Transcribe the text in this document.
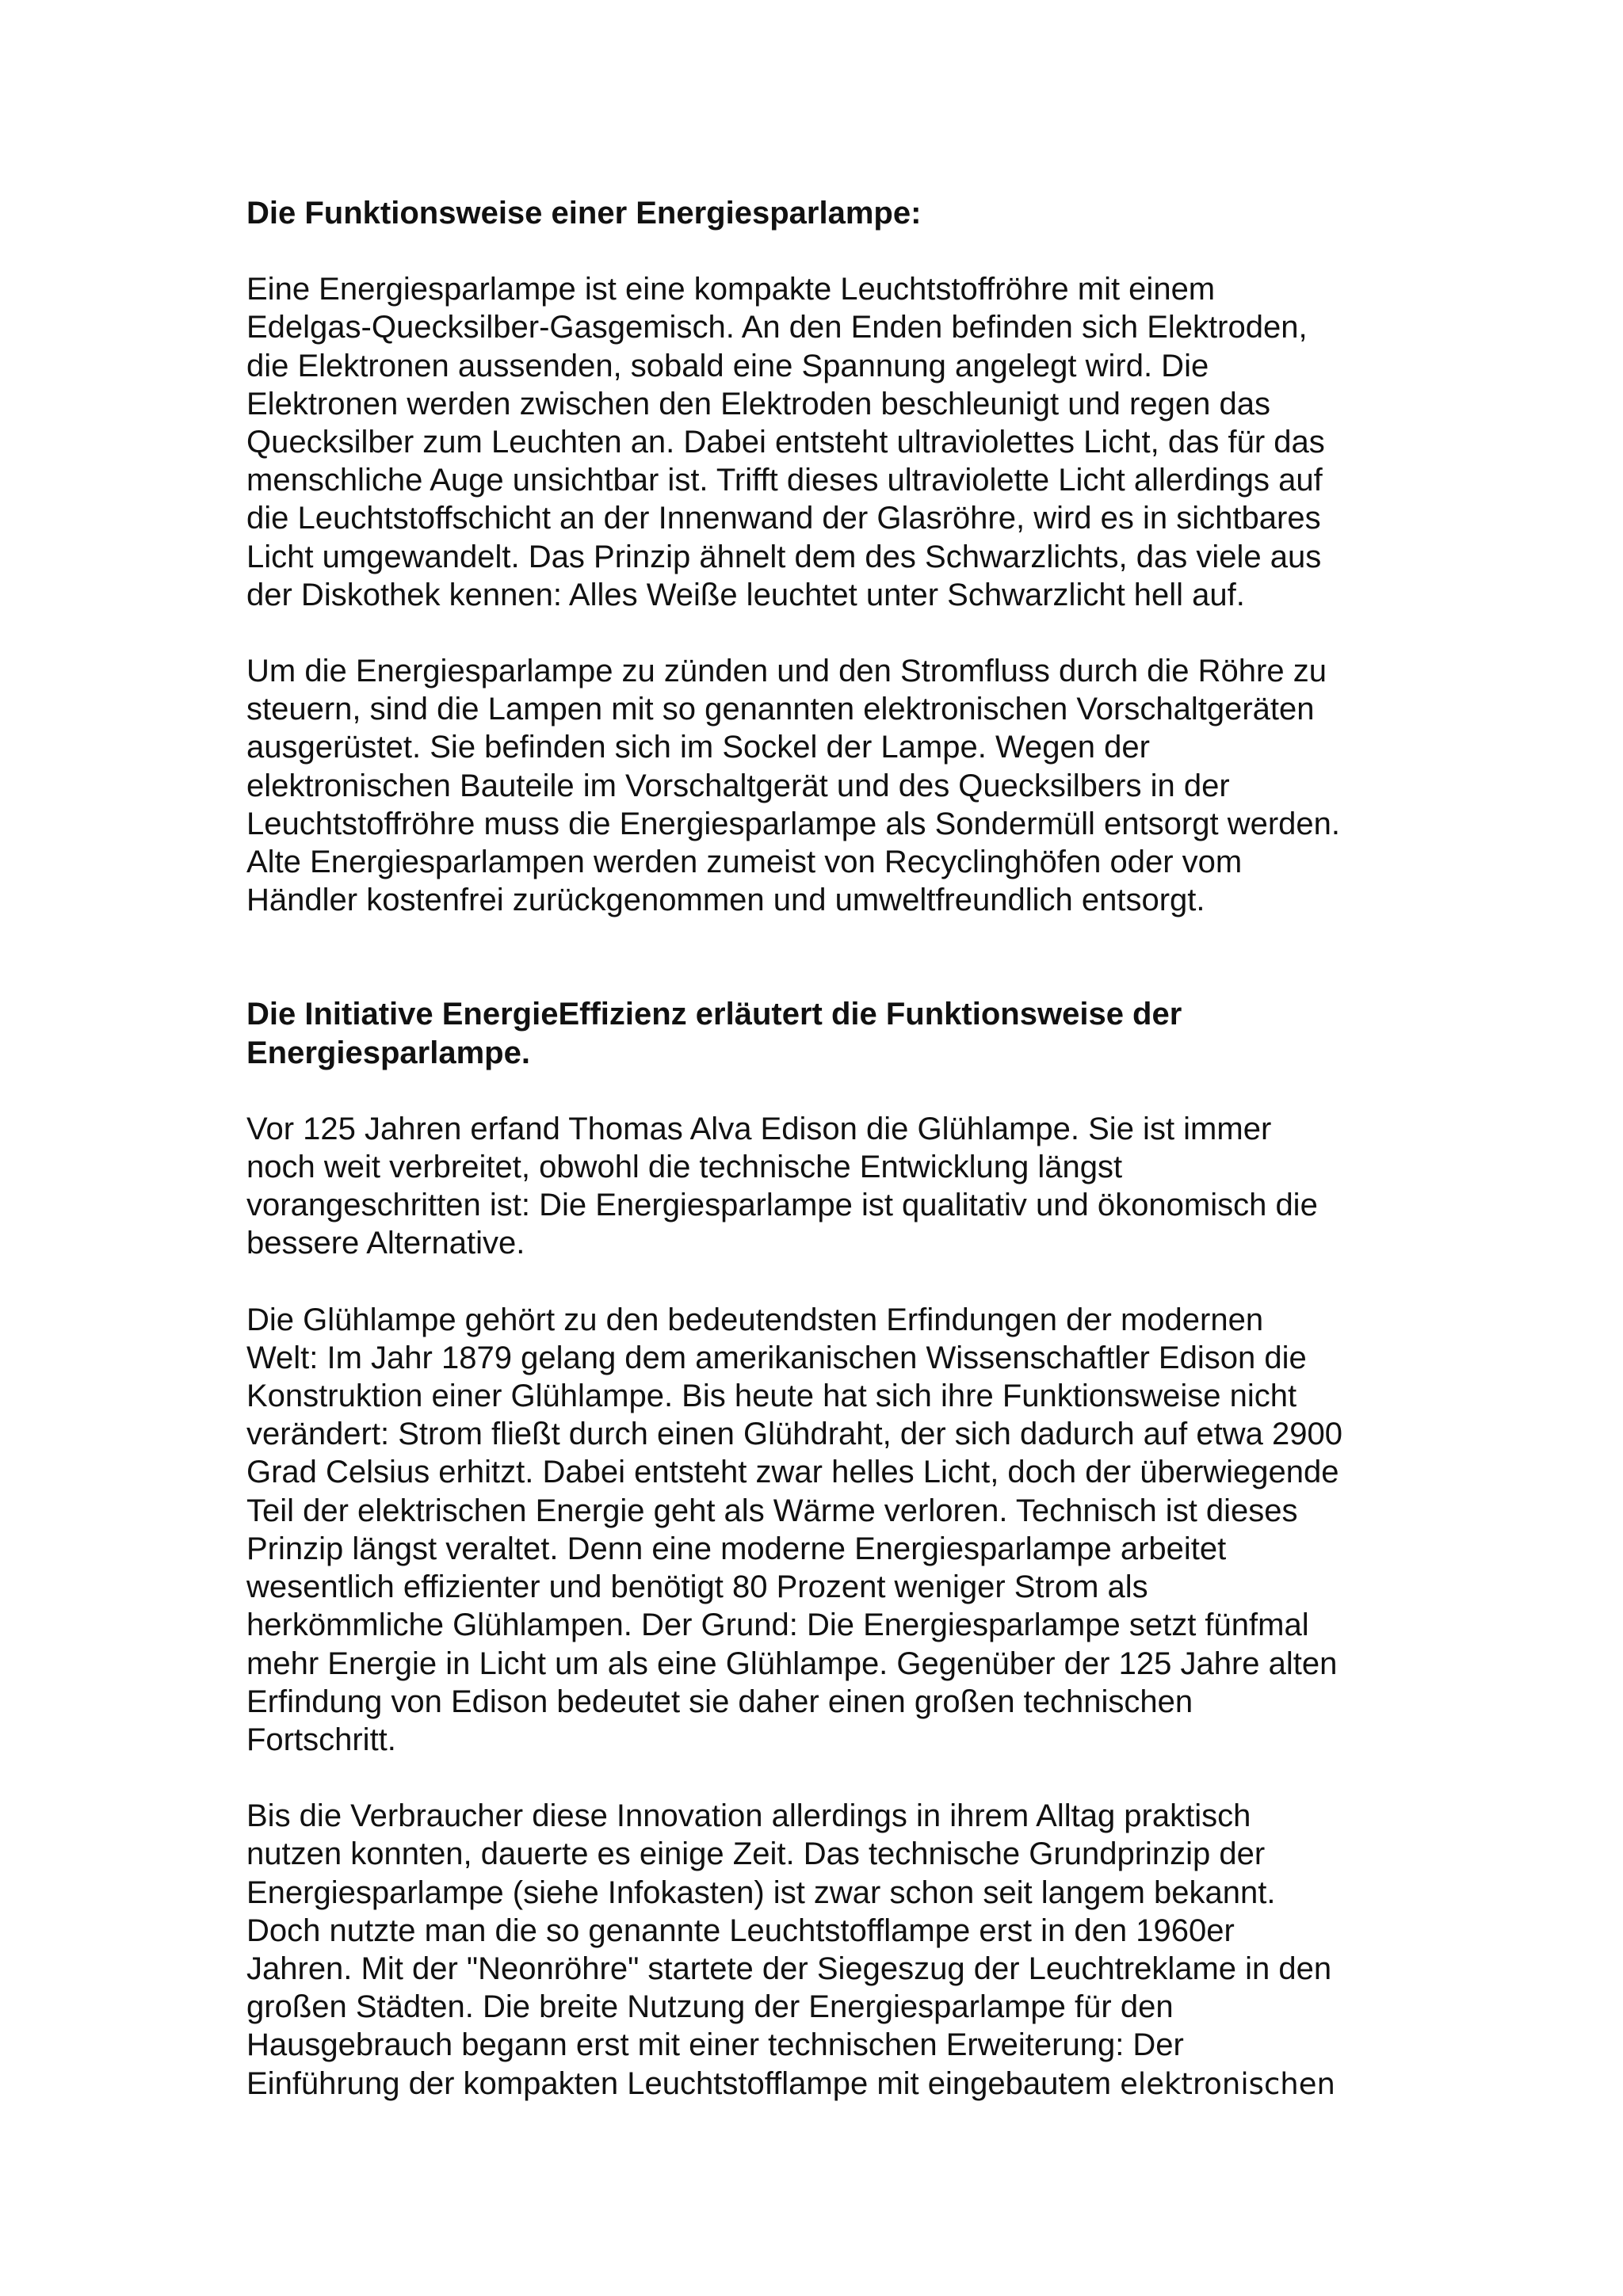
Die Funktionsweise einer Energiesparlampe:
Eine Energiesparlampe ist eine kompakte Leuchtstoffröhre mit einem
Edelgas-Quecksilber-Gasgemisch. An den Enden befinden sich Elektroden,
die Elektronen aussenden, sobald eine Spannung angelegt wird. Die
Elektronen werden zwischen den Elektroden beschleunigt und regen das
Quecksilber zum Leuchten an. Dabei entsteht ultraviolettes Licht, das für das
menschliche Auge unsichtbar ist. Trifft dieses ultraviolette Licht allerdings auf
die Leuchtstoffschicht an der Innenwand der Glasröhre, wird es in sichtbares
Licht umgewandelt. Das Prinzip ähnelt dem des Schwarzlichts, das viele aus
der Diskothek kennen: Alles Weiße leuchtet unter Schwarzlicht hell auf.
Um die Energiesparlampe zu zünden und den Stromfluss durch die Röhre zu
steuern, sind die Lampen mit so genannten elektronischen Vorschaltgeräten
ausgerüstet. Sie befinden sich im Sockel der Lampe. Wegen der
elektronischen Bauteile im Vorschaltgerät und des Quecksilbers in der
Leuchtstoffröhre muss die Energiesparlampe als Sondermüll entsorgt werden.
Alte Energiesparlampen werden zumeist von Recyclinghöfen oder vom
Händler kostenfrei zurückgenommen und umweltfreundlich entsorgt.
Die Initiative EnergieEffizienz erläutert die Funktionsweise der
Energiesparlampe.
Vor 125 Jahren erfand Thomas Alva Edison die Glühlampe. Sie ist immer
noch weit verbreitet, obwohl die technische Entwicklung längst
vorangeschritten ist: Die Energiesparlampe ist qualitativ und ökonomisch die
bessere Alternative.
Die Glühlampe gehört zu den bedeutendsten Erfindungen der modernen
Welt: Im Jahr 1879 gelang dem amerikanischen Wissenschaftler Edison die
Konstruktion einer Glühlampe. Bis heute hat sich ihre Funktionsweise nicht
verändert: Strom fließt durch einen Glühdraht, der sich dadurch auf etwa 2900
Grad Celsius erhitzt. Dabei entsteht zwar helles Licht, doch der überwiegende
Teil der elektrischen Energie geht als Wärme verloren. Technisch ist dieses
Prinzip längst veraltet. Denn eine moderne Energiesparlampe arbeitet
wesentlich effizienter und benötigt 80 Prozent weniger Strom als
herkömmliche Glühlampen. Der Grund: Die Energiesparlampe setzt fünfmal
mehr Energie in Licht um als eine Glühlampe. Gegenüber der 125 Jahre alten
Erfindung von Edison bedeutet sie daher einen großen technischen
Fortschritt.
Bis die Verbraucher diese Innovation allerdings in ihrem Alltag praktisch
nutzen konnten, dauerte es einige Zeit. Das technische Grundprinzip der
Energiesparlampe (siehe Infokasten) ist zwar schon seit langem bekannt.
Doch nutzte man die so genannte Leuchtstofflampe erst in den 1960er
Jahren. Mit der "Neonröhre" startete der Siegeszug der Leuchtreklame in den
großen Städten. Die breite Nutzung der Energiesparlampe für den
Hausgebrauch begann erst mit einer technischen Erweiterung: Der
Einführung der kompakten Leuchtstofflampe mit eingebautem elektronischen
